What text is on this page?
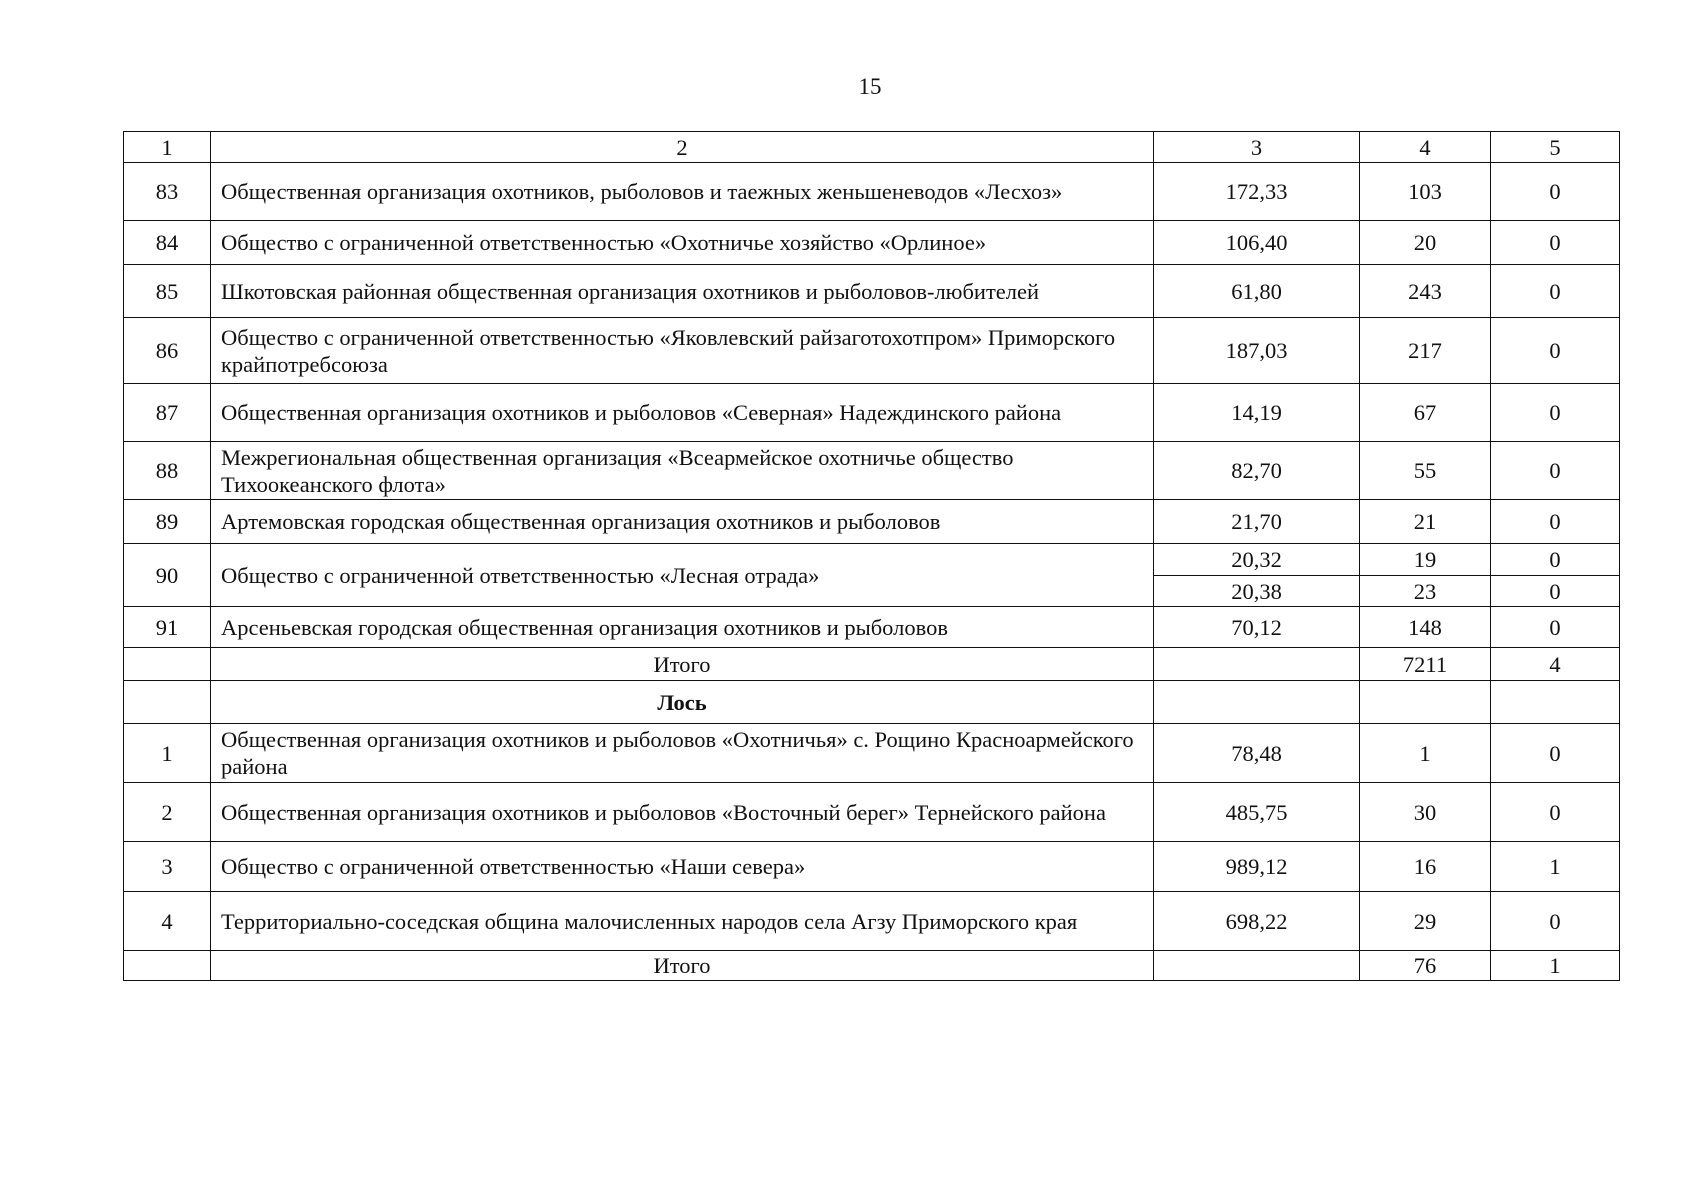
15
1	2	3	4	5
83	Общественная организация охотников, рыболовов и таежных женьшеневодов «Лесхоз»	172,33	103	0
84	Общество с ограниченной ответственностью «Охотничье хозяйство «Орлиное»	106,40	20	0
85	Шкотовская районная общественная организация охотников и рыболовов-любителей	61,80	243	0
86	Общество с ограниченной ответственностью «Яковлевский райзаготохотпром» Приморского крайпотребсоюза	187,03	217	0
87	Общественная организация охотников и рыболовов «Северная» Надеждинского района	14,19	67	0
88	Межрегиональная общественная организация «Всеармейское охотничье общество Тихоокеанского флота»	82,70	55	0
89	Артемовская городская общественная организация охотников и рыболовов	21,70	21	0
90	Общество с ограниченной ответственностью «Лесная отрада»	20,32	19	0
		20,38	23	0
91	Арсеньевская городская общественная организация охотников и рыболовов	70,12	148	0
	Итого		7211	4
	Лось			
1	Общественная организация охотников и рыболовов «Охотничья» с. Рощино Красноармейского района	78,48	1	0
2	Общественная организация охотников и рыболовов «Восточный берег» Тернейского района	485,75	30	0
3	Общество с ограниченной ответственностью «Наши севера»	989,12	16	1
4	Территориально-соседская община малочисленных народов села Агзу Приморского края	698,22	29	0
	Итого		76	1
